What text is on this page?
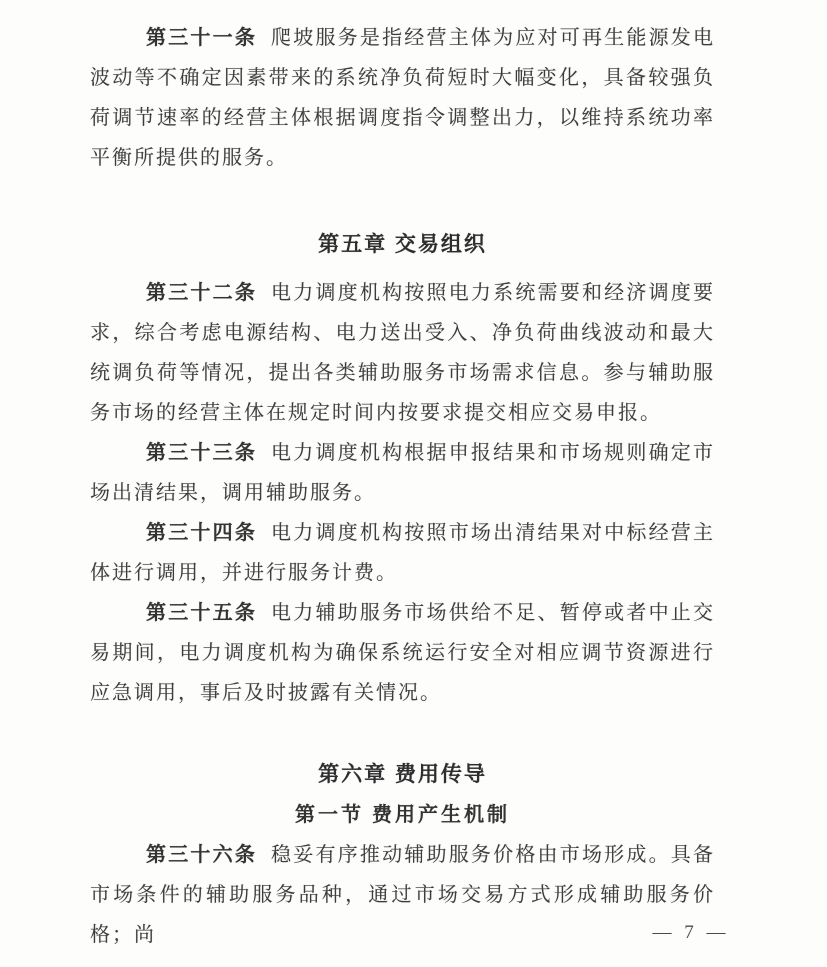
第三十一条 爬坡服务是指经营主体为应对可再生能源发电波动等不确定因素带来的系统净负荷短时大幅变化，具备较强负荷调节速率的经营主体根据调度指令调整出力，以维持系统功率平衡所提供的服务。

第五章 交易组织

第三十二条 电力调度机构按照电力系统需要和经济调度要求，综合考虑电源结构、电力送出受入、净负荷曲线波动和最大统调负荷等情况，提出各类辅助服务市场需求信息。参与辅助服务市场的经营主体在规定时间内按要求提交相应交易申报。

第三十三条 电力调度机构根据申报结果和市场规则确定市场出清结果，调用辅助服务。

第三十四条 电力调度机构按照市场出清结果对中标经营主体进行调用，并进行服务计费。

第三十五条 电力辅助服务市场供给不足、暂停或者中止交易期间，电力调度机构为确保系统运行安全对相应调节资源进行应急调用，事后及时披露有关情况。

第六章 费用传导
第一节 费用产生机制

第三十六条 稳妥有序推动辅助服务价格由市场形成。具备市场条件的辅助服务品种，通过市场交易方式形成辅助服务价格；尚	— 7 —
